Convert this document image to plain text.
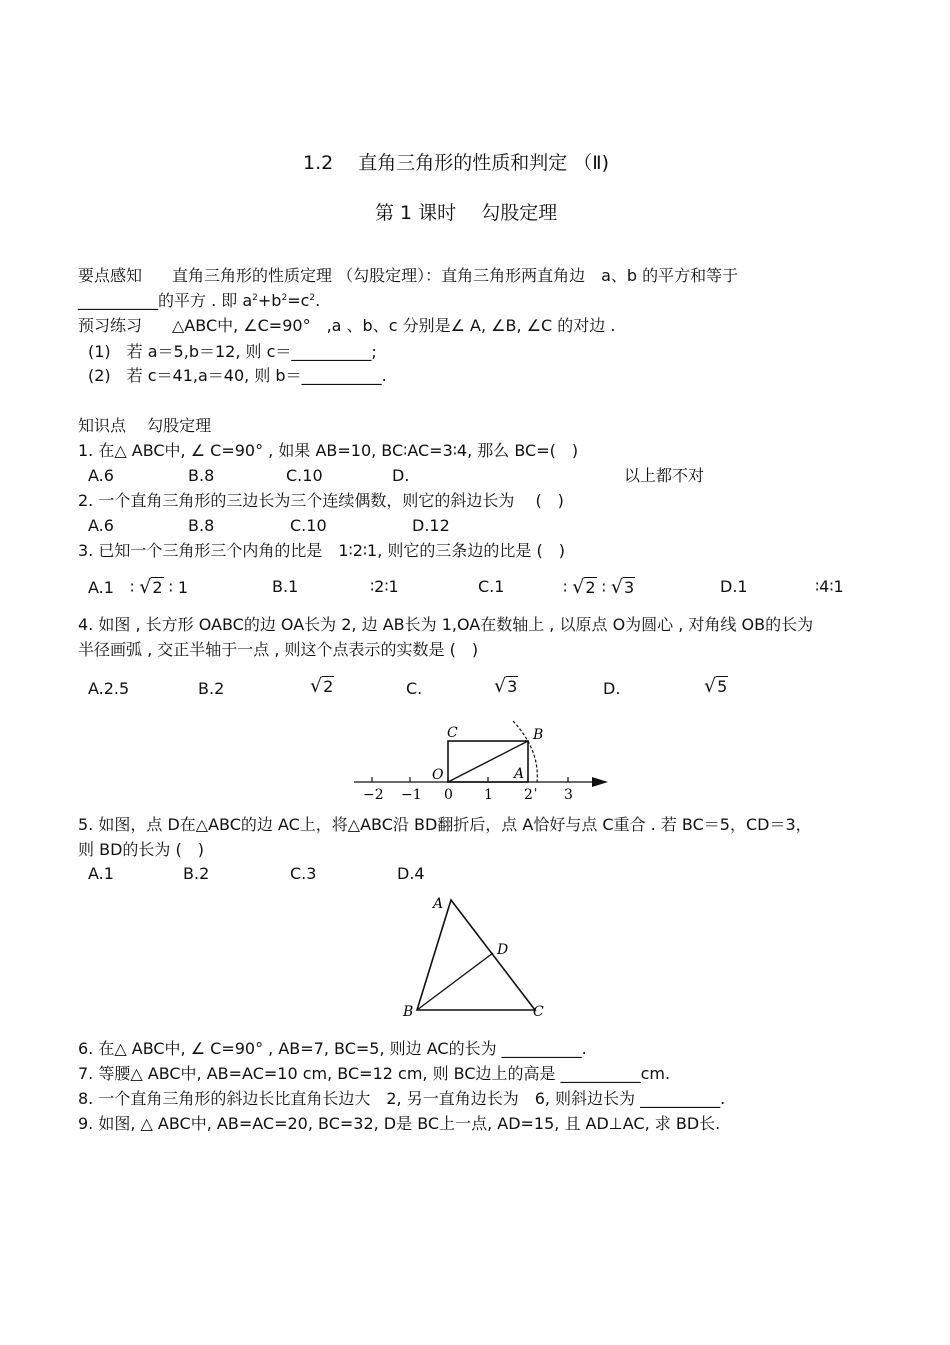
1.2　 直角三角形的性质和判定 （Ⅱ)
第 1 课时　 勾股定理
要点感知 直角三角形的性质定理 （勾股定理）：直角三角形两直角边　a、b 的平方和等于
__________的平方 . 即 $a^2+b^2=c^2$.
预习练习 △ABC中, ∠C=90°　,a 、b、c 分别是∠ A, ∠B, ∠C 的对边 .
(1)　若 a＝5,b＝12, 则 c＝__________;
(2)　若 c＝41,a＝40, 则 b＝__________.
知识点　 勾股定理
1. 在△ ABC中, ∠ C=90° , 如果 AB=10, BC∶AC=3∶4, 那么 BC=(　)
A.6	B.8	C.10	D.	以上都不对
2. 一个直角三角形的三边长为三个连续偶数，则它的斜边长为　 (　)
A.6	B.8	C.10	D.12
3. 已知一个三角形三个内角的比是　1∶2∶1, 则它的三条边的比是 (　)
A.1　∶ √2 ∶ 1	B.1	∶2∶1	C.1	∶ √2 ∶ √3	D.1	∶4∶1
4. 如图 , 长方形 OABC的边 OA长为 2, 边 AB长为 1,OA在数轴上 , 以原点 O为圆心 , 对角线 OB的长为
半径画弧 , 交正半轴于一点 , 则这个点表示的实数是 (　)
A.2.5	B.2	√2	C.	√3	D.	√5
C	B
O	A
−2 −1 0 1 2 ' 3
5. 如图，点 D在△ABC的边 AC上，将△ABC沿 BD翻折后，点 A恰好与点 C重合 . 若 BC＝5，CD＝3，
则 BD的长为 (　)
A.1	B.2	C.3	D.4
A
D
B	C
6. 在△ ABC中, ∠ C=90° , AB=7, BC=5, 则边 AC的长为 __________.
7. 等腰△ ABC中, AB=AC=10 cm, BC=12 cm, 则 BC边上的高是 __________cm.
8. 一个直角三角形的斜边长比直角长边大　2, 另一直角边长为　6, 则斜边长为 __________.
9. 如图, △ ABC中, AB=AC=20, BC=32, D是 BC上一点, AD=15, 且 AD⊥AC, 求 BD长.
